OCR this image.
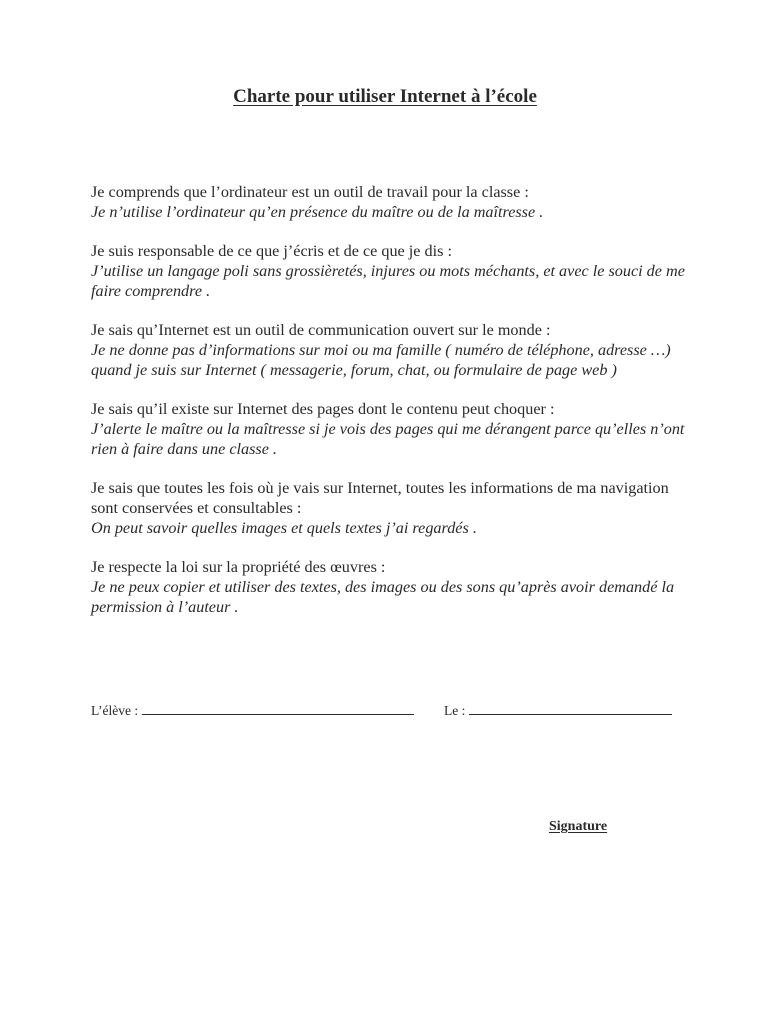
Charte pour utiliser Internet à l’école

Je comprends que l’ordinateur est un outil de travail pour la classe :

Je n’utilise l’ordinateur qu’en présence du maître ou de la maîtresse .

Je suis responsable de ce que j’écris et de ce que je dis :

J’utilise un langage poli sans grossièretés, injures ou mots méchants, et avec le souci de me faire comprendre .

Je sais qu’Internet est un outil de communication ouvert sur le monde :

Je ne donne pas d’informations sur moi ou ma famille ( numéro de téléphone, adresse …) quand je suis sur Internet ( messagerie, forum, chat, ou formulaire de page web )

Je sais qu’il existe sur Internet des pages dont le contenu peut choquer :

J’alerte le maître ou la maîtresse si je vois des pages qui me dérangent parce qu’elles n’ont rien à faire dans une classe .

Je sais que toutes les fois où je vais sur Internet, toutes les informations de ma navigation sont conservées et consultables :

On peut savoir quelles images et quels textes j’ai regardés .

Je respecte la loi sur la propriété des œuvres :

Je ne peux copier et utiliser des textes, des images ou des sons qu’après avoir demandé la permission à l’auteur .

L’élève :	Le :
Signature
